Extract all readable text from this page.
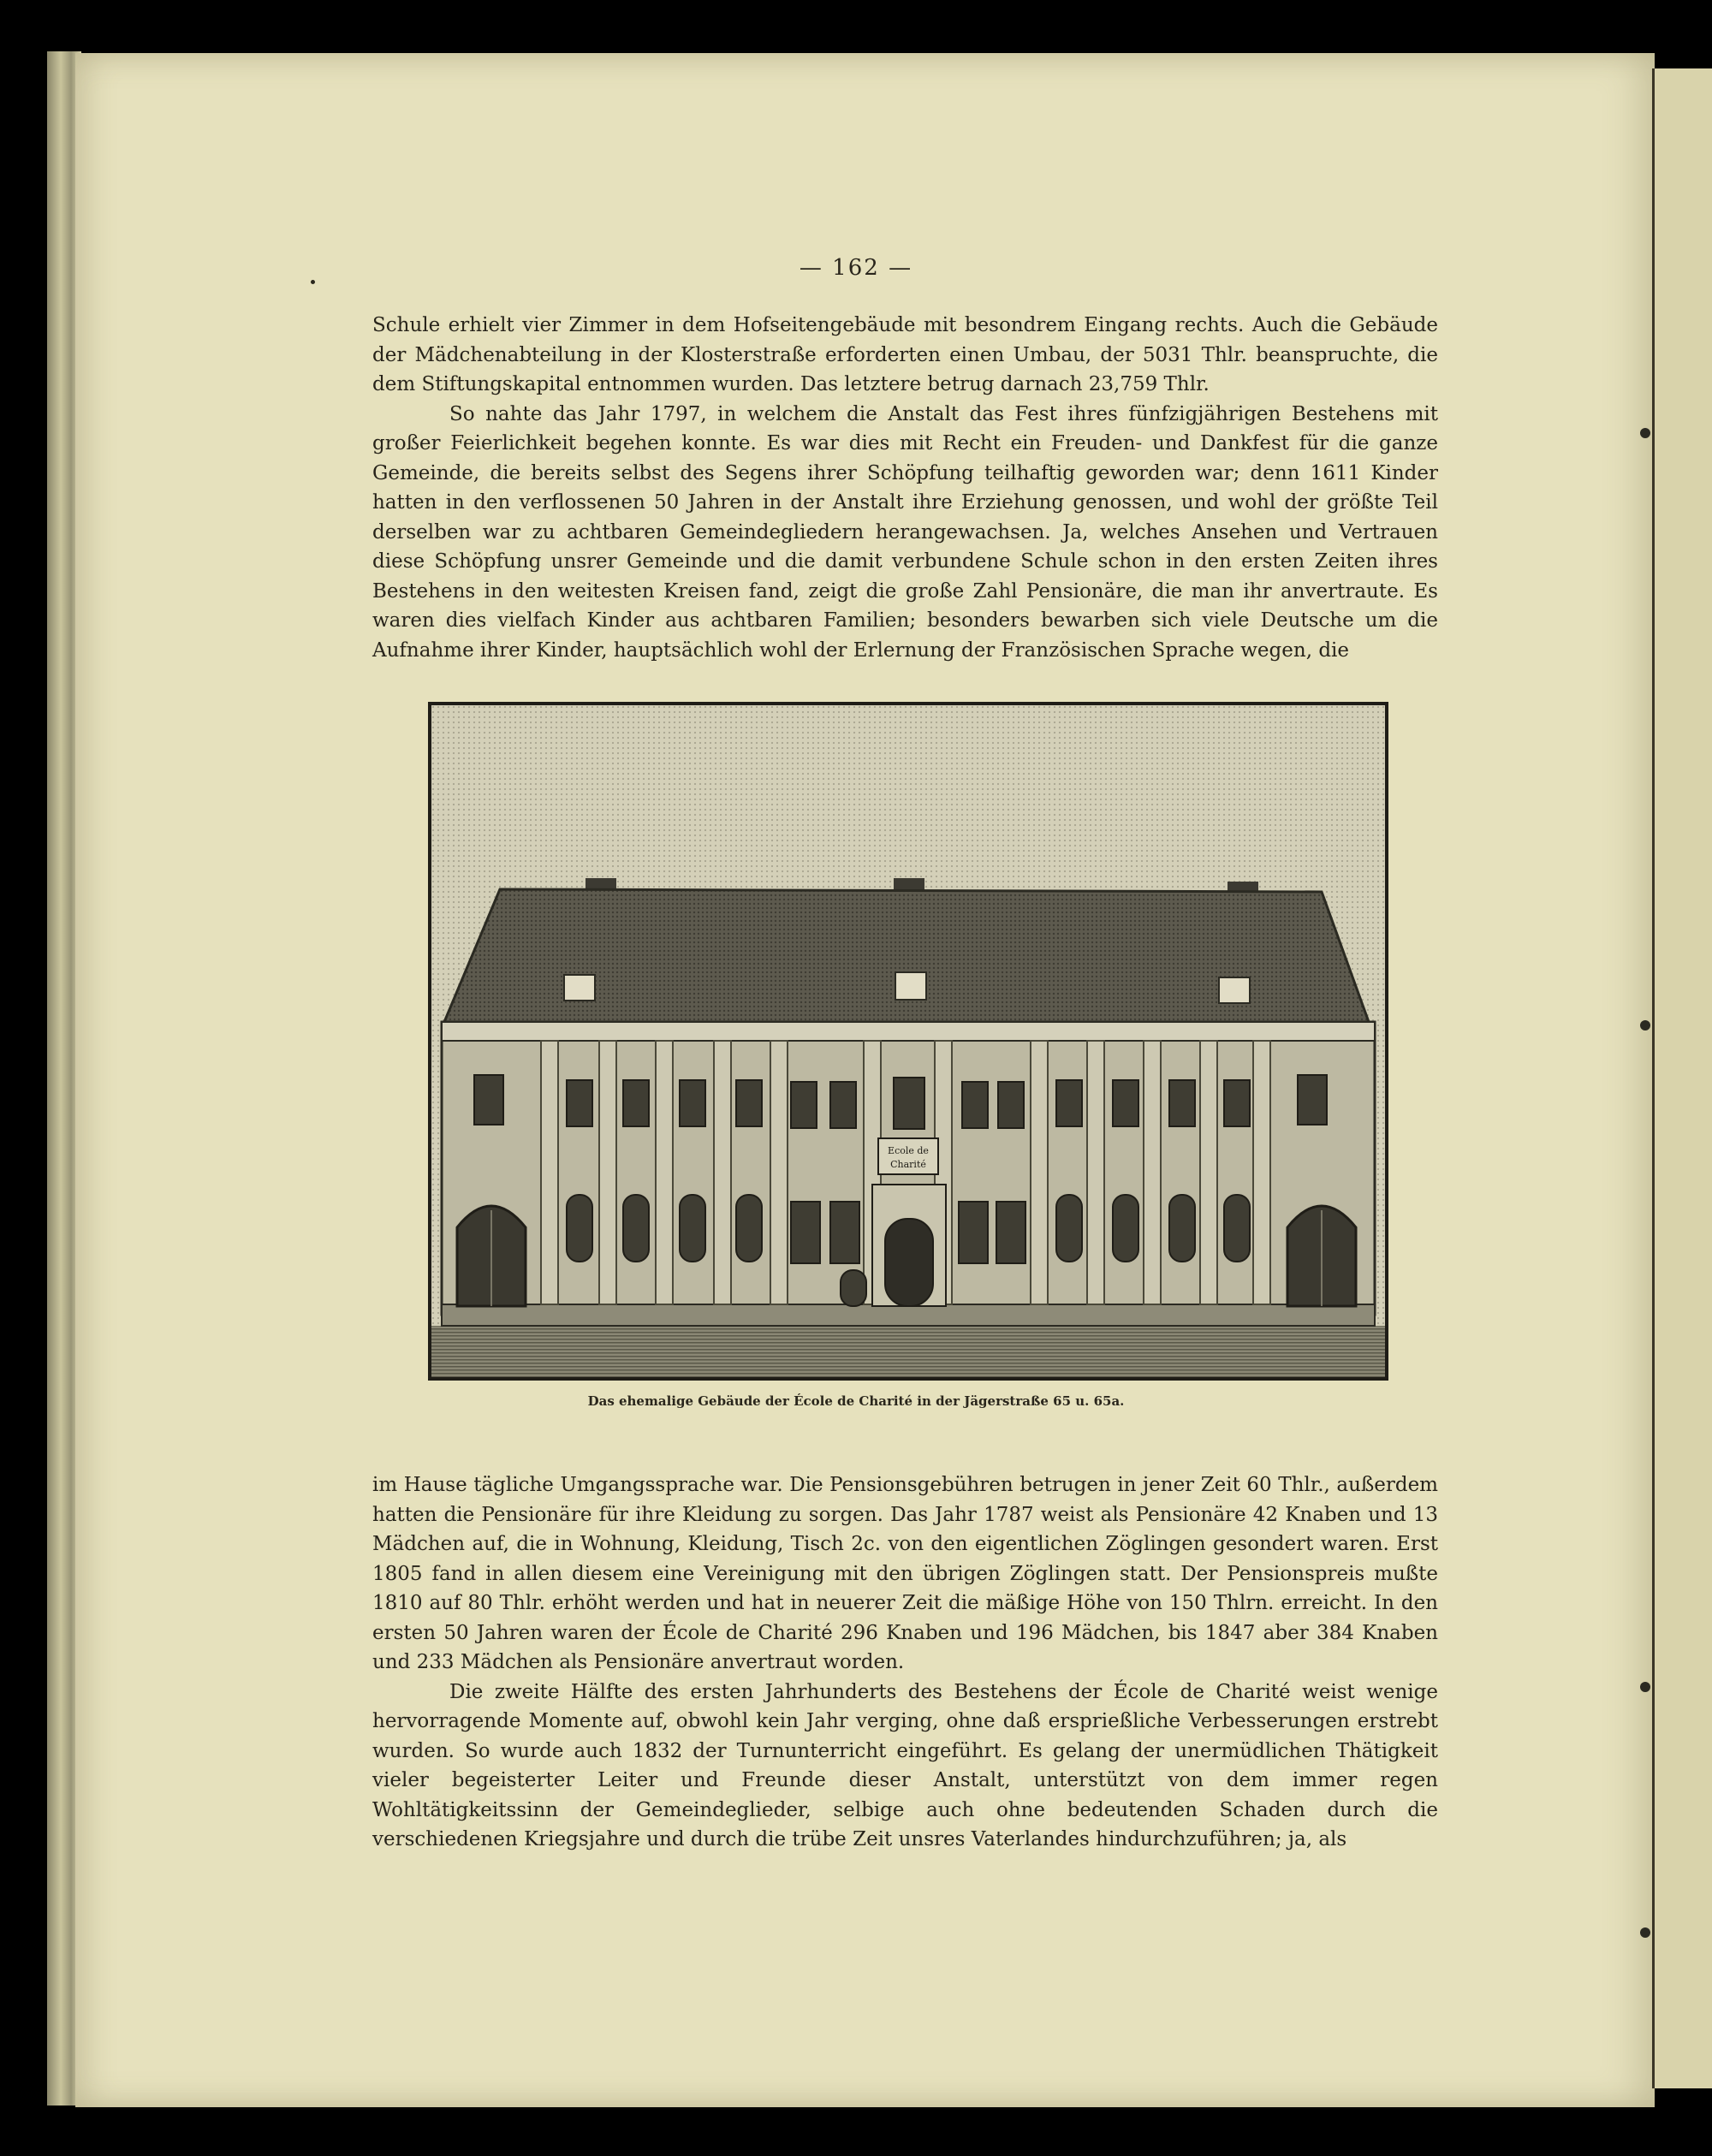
— 162 —

Schule erhielt vier Zimmer in dem Hofseitengebäude mit besondrem Eingang rechts. Auch die Gebäude der Mädchenabteilung in der Klosterstraße erforderten einen Umbau, der 5031 Thlr. beanspruchte, die dem Stiftungskapital entnommen wurden. Das letztere betrug darnach 23,759 Thlr.

So nahte das Jahr 1797, in welchem die Anstalt das Fest ihres fünfzigjährigen Bestehens mit großer Feierlichkeit begehen konnte. Es war dies mit Recht ein Freuden- und Dankfest für die ganze Gemeinde, die bereits selbst des Segens ihrer Schöpfung teilhaftig geworden war; denn 1611 Kinder hatten in den verflossenen 50 Jahren in der Anstalt ihre Erziehung genossen, und wohl der größte Teil derselben war zu achtbaren Gemeindegliedern herangewachsen. Ja, welches Ansehen und Vertrauen diese Schöpfung unsrer Gemeinde und die damit verbundene Schule schon in den ersten Zeiten ihres Bestehens in den weitesten Kreisen fand, zeigt die große Zahl Pensionäre, die man ihr anvertraute. Es waren dies vielfach Kinder aus achtbaren Familien; besonders bewarben sich viele Deutsche um die Aufnahme ihrer Kinder, hauptsächlich wohl der Erlernung der Französischen Sprache wegen, die

Ecole de
Charité
Das ehemalige Gebäude der École de Charité in der Jägerstraße 65 u. 65a.

im Hause tägliche Umgangssprache war. Die Pensionsgebühren betrugen in jener Zeit 60 Thlr., außerdem hatten die Pensionäre für ihre Kleidung zu sorgen. Das Jahr 1787 weist als Pensionäre 42 Knaben und 13 Mädchen auf, die in Wohnung, Kleidung, Tisch 2c. von den eigentlichen Zöglingen gesondert waren. Erst 1805 fand in allen diesem eine Vereinigung mit den übrigen Zöglingen statt. Der Pensionspreis mußte 1810 auf 80 Thlr. erhöht werden und hat in neuerer Zeit die mäßige Höhe von 150 Thlrn. erreicht. In den ersten 50 Jahren waren der École de Charité 296 Knaben und 196 Mädchen, bis 1847 aber 384 Knaben und 233 Mädchen als Pensionäre anvertraut worden.

Die zweite Hälfte des ersten Jahrhunderts des Bestehens der École de Charité weist wenige hervorragende Momente auf, obwohl kein Jahr verging, ohne daß ersprießliche Verbesserungen erstrebt wurden. So wurde auch 1832 der Turnunterricht eingeführt. Es gelang der unermüdlichen Thätigkeit vieler begeisterter Leiter und Freunde dieser Anstalt, unterstützt von dem immer regen Wohltätigkeitssinn der Gemeindeglieder, selbige auch ohne bedeutenden Schaden durch die verschiedenen Kriegsjahre und durch die trübe Zeit unsres Vaterlandes hindurchzuführen; ja, als
